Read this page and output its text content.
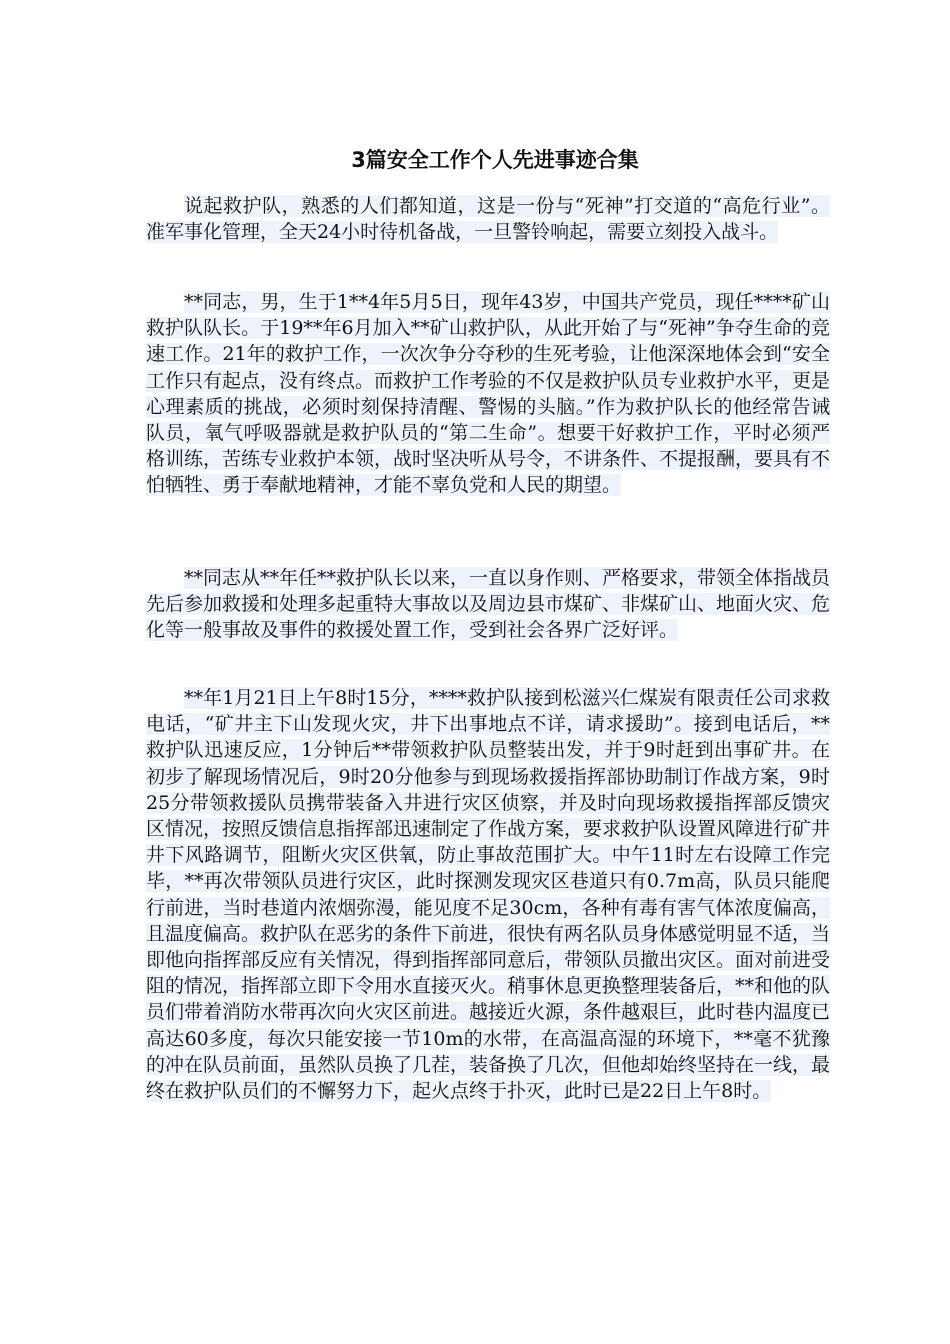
3篇安全工作个人先进事迹合集

说起救护队，熟悉的人们都知道，这是一份与“死神”打交道的“高危行业”。准军事化管理，全天24小时待机备战，一旦警铃响起，需要立刻投入战斗。

**同志，男，生于1**4年5月5日，现年43岁，中国共产党员，现任****矿山救护队队长。于19**年6月加入**矿山救护队，从此开始了与“死神”争夺生命的竞速工作。21年的救护工作，一次次争分夺秒的生死考验，让他深深地体会到“安全工作只有起点，没有终点。而救护工作考验的不仅是救护队员专业救护水平，更是心理素质的挑战，必须时刻保持清醒、警惕的头脑。”作为救护队长的他经常告诫队员，氧气呼吸器就是救护队员的“第二生命”。想要干好救护工作，平时必须严格训练，苦练专业救护本领，战时坚决听从号令，不讲条件、不提报酬，要具有不怕牺牲、勇于奉献地精神，才能不辜负党和人民的期望。

**同志从**年任**救护队长以来，一直以身作则、严格要求，带领全体指战员先后参加救援和处理多起重特大事故以及周边县市煤矿、非煤矿山、地面火灾、危化等一般事故及事件的救援处置工作，受到社会各界广泛好评。

**年1月21日上午8时15分，****救护队接到松滋兴仁煤炭有限责任公司求救电话，“矿井主下山发现火灾，井下出事地点不详，请求援助”。接到电话后，**救护队迅速反应，1分钟后**带领救护队员整装出发，并于9时赶到出事矿井。在初步了解现场情况后，9时20分他参与到现场救援指挥部协助制订作战方案，9时25分带领救援队员携带装备入井进行灾区侦察，并及时向现场救援指挥部反馈灾区情况，按照反馈信息指挥部迅速制定了作战方案，要求救护队设置风障进行矿井井下风路调节，阻断火灾区供氧，防止事故范围扩大。中午11时左右设障工作完毕，**再次带领队员进行灾区，此时探测发现灾区巷道只有0.7m高，队员只能爬行前进，当时巷道内浓烟弥漫，能见度不足30cm，各种有毒有害气体浓度偏高，且温度偏高。救护队在恶劣的条件下前进，很快有两名队员身体感觉明显不适，当即他向指挥部反应有关情况，得到指挥部同意后，带领队员撤出灾区。面对前进受阻的情况，指挥部立即下令用水直接灭火。稍事休息更换整理装备后，**和他的队员们带着消防水带再次向火灾区前进。越接近火源，条件越艰巨，此时巷内温度已高达60多度，每次只能安接一节10m的水带，在高温高湿的环境下，**毫不犹豫的冲在队员前面，虽然队员换了几茬，装备换了几次，但他却始终坚持在一线，最终在救护队员们的不懈努力下，起火点终于扑灭，此时已是22日上午8时。
